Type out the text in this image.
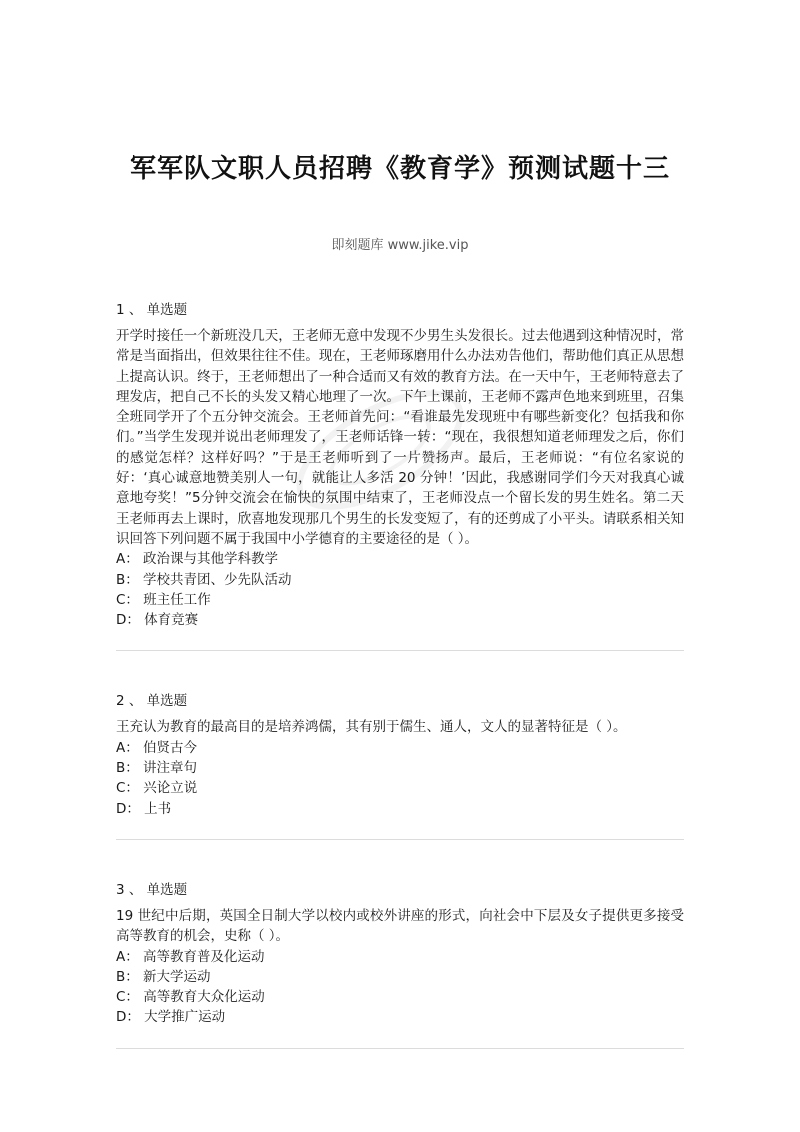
军军队文职人员招聘《教育学》预测试题十三
即刻题库 www.jike.vip
1 、 单选题
开学时接任一个新班没几天，王老师无意中发现不少男生头发很长。过去他遇到这种情况时，常常是当面指出，但效果往往不佳。现在，王老师琢磨用什么办法劝告他们，帮助他们真正从思想上提高认识。终于，王老师想出了一种合适而又有效的教育方法。在一天中午，王老师特意去了理发店，把自己不长的头发又精心地理了一次。下午上课前，王老师不露声色地来到班里，召集全班同学开了个五分钟交流会。王老师首先问：“看谁最先发现班中有哪些新变化？包括我和你们。”当学生发现并说出老师理发了，王老师话锋一转：“现在，我很想知道老师理发之后，你们的感觉怎样？这样好吗？”于是王老师听到了一片赞扬声。最后，王老师说：“有位名家说的好：‘真心诚意地赞美别人一句，就能让人多活 20 分钟！’因此，我感谢同学们今天对我真心诚意地夸奖！”5分钟交流会在愉快的氛围中结束了，王老师没点一个留长发的男生姓名。第二天王老师再去上课时，欣喜地发现那几个男生的长发变短了，有的还剪成了小平头。请联系相关知识回答下列问题不属于我国中小学德育的主要途径的是（ ）。
A： 政治课与其他学科教学
B： 学校共青团、少先队活动
C： 班主任工作
D： 体育竞赛
2 、 单选题
王充认为教育的最高目的是培养鸿儒，其有别于儒生、通人，文人的显著特征是（ ）。
A： 伯贤古今
B： 讲注章句
C： 兴论立说
D： 上书
3 、 单选题
19 世纪中后期，英国全日制大学以校内或校外讲座的形式，向社会中下层及女子提供更多接受高等教育的机会，史称（ ）。
A： 高等教育普及化运动
B： 新大学运动
C： 高等教育大众化运动
D： 大学推广运动
